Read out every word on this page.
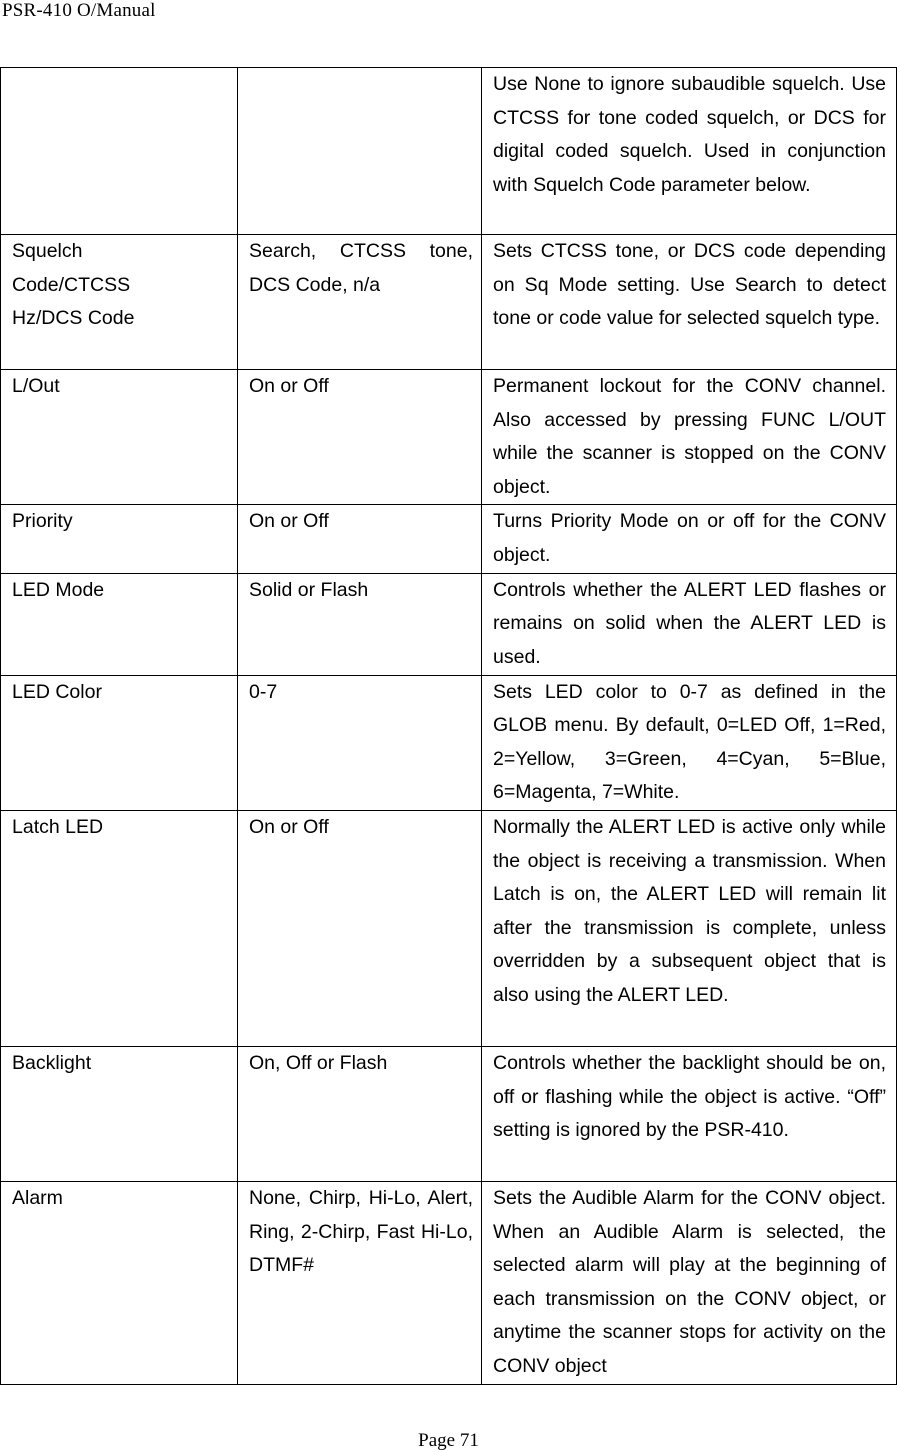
PSR-410 O/Manual
		Use None to ignore subaudible squelch. Use CTCSS for tone coded squelch, or DCS for digital coded squelch. Used in conjunction with Squelch Code parameter below.
Squelch
Code/CTCSS
Hz/DCS Code	Search, CTCSS tone, DCS Code, n/a	Sets CTCSS tone, or DCS code depending on Sq Mode setting. Use Search to detect tone or code value for selected squelch type.
L/Out	On or Off	Permanent lockout for the CONV channel. Also accessed by pressing FUNC L/OUT while the scanner is stopped on the CONV object.
Priority	On or Off	Turns Priority Mode on or off for the CONV object.
LED Mode	Solid or Flash	Controls whether the ALERT LED flashes or remains on solid when the ALERT LED is used.
LED Color	0-7	Sets LED color to 0-7 as defined in the GLOB menu. By default, 0=LED Off, 1=Red, 2=Yellow, 3=Green, 4=Cyan, 5=Blue, 6=Magenta, 7=White.
Latch LED	On or Off	Normally the ALERT LED is active only while the object is receiving a transmission. When Latch is on, the ALERT LED will remain lit after the transmission is complete, unless overridden by a subsequent object that is also using the ALERT LED.
Backlight	On, Off or Flash	Controls whether the backlight should be on, off or flashing while the object is active. “Off” setting is ignored by the PSR-410.
Alarm	None, Chirp, Hi-Lo, Alert, Ring, 2-Chirp, Fast Hi-Lo, DTMF#	Sets the Audible Alarm for the CONV object. When an Audible Alarm is selected, the selected alarm will play at the beginning of each transmission on the CONV object, or anytime the scanner stops for activity on the CONV object
Page 71
